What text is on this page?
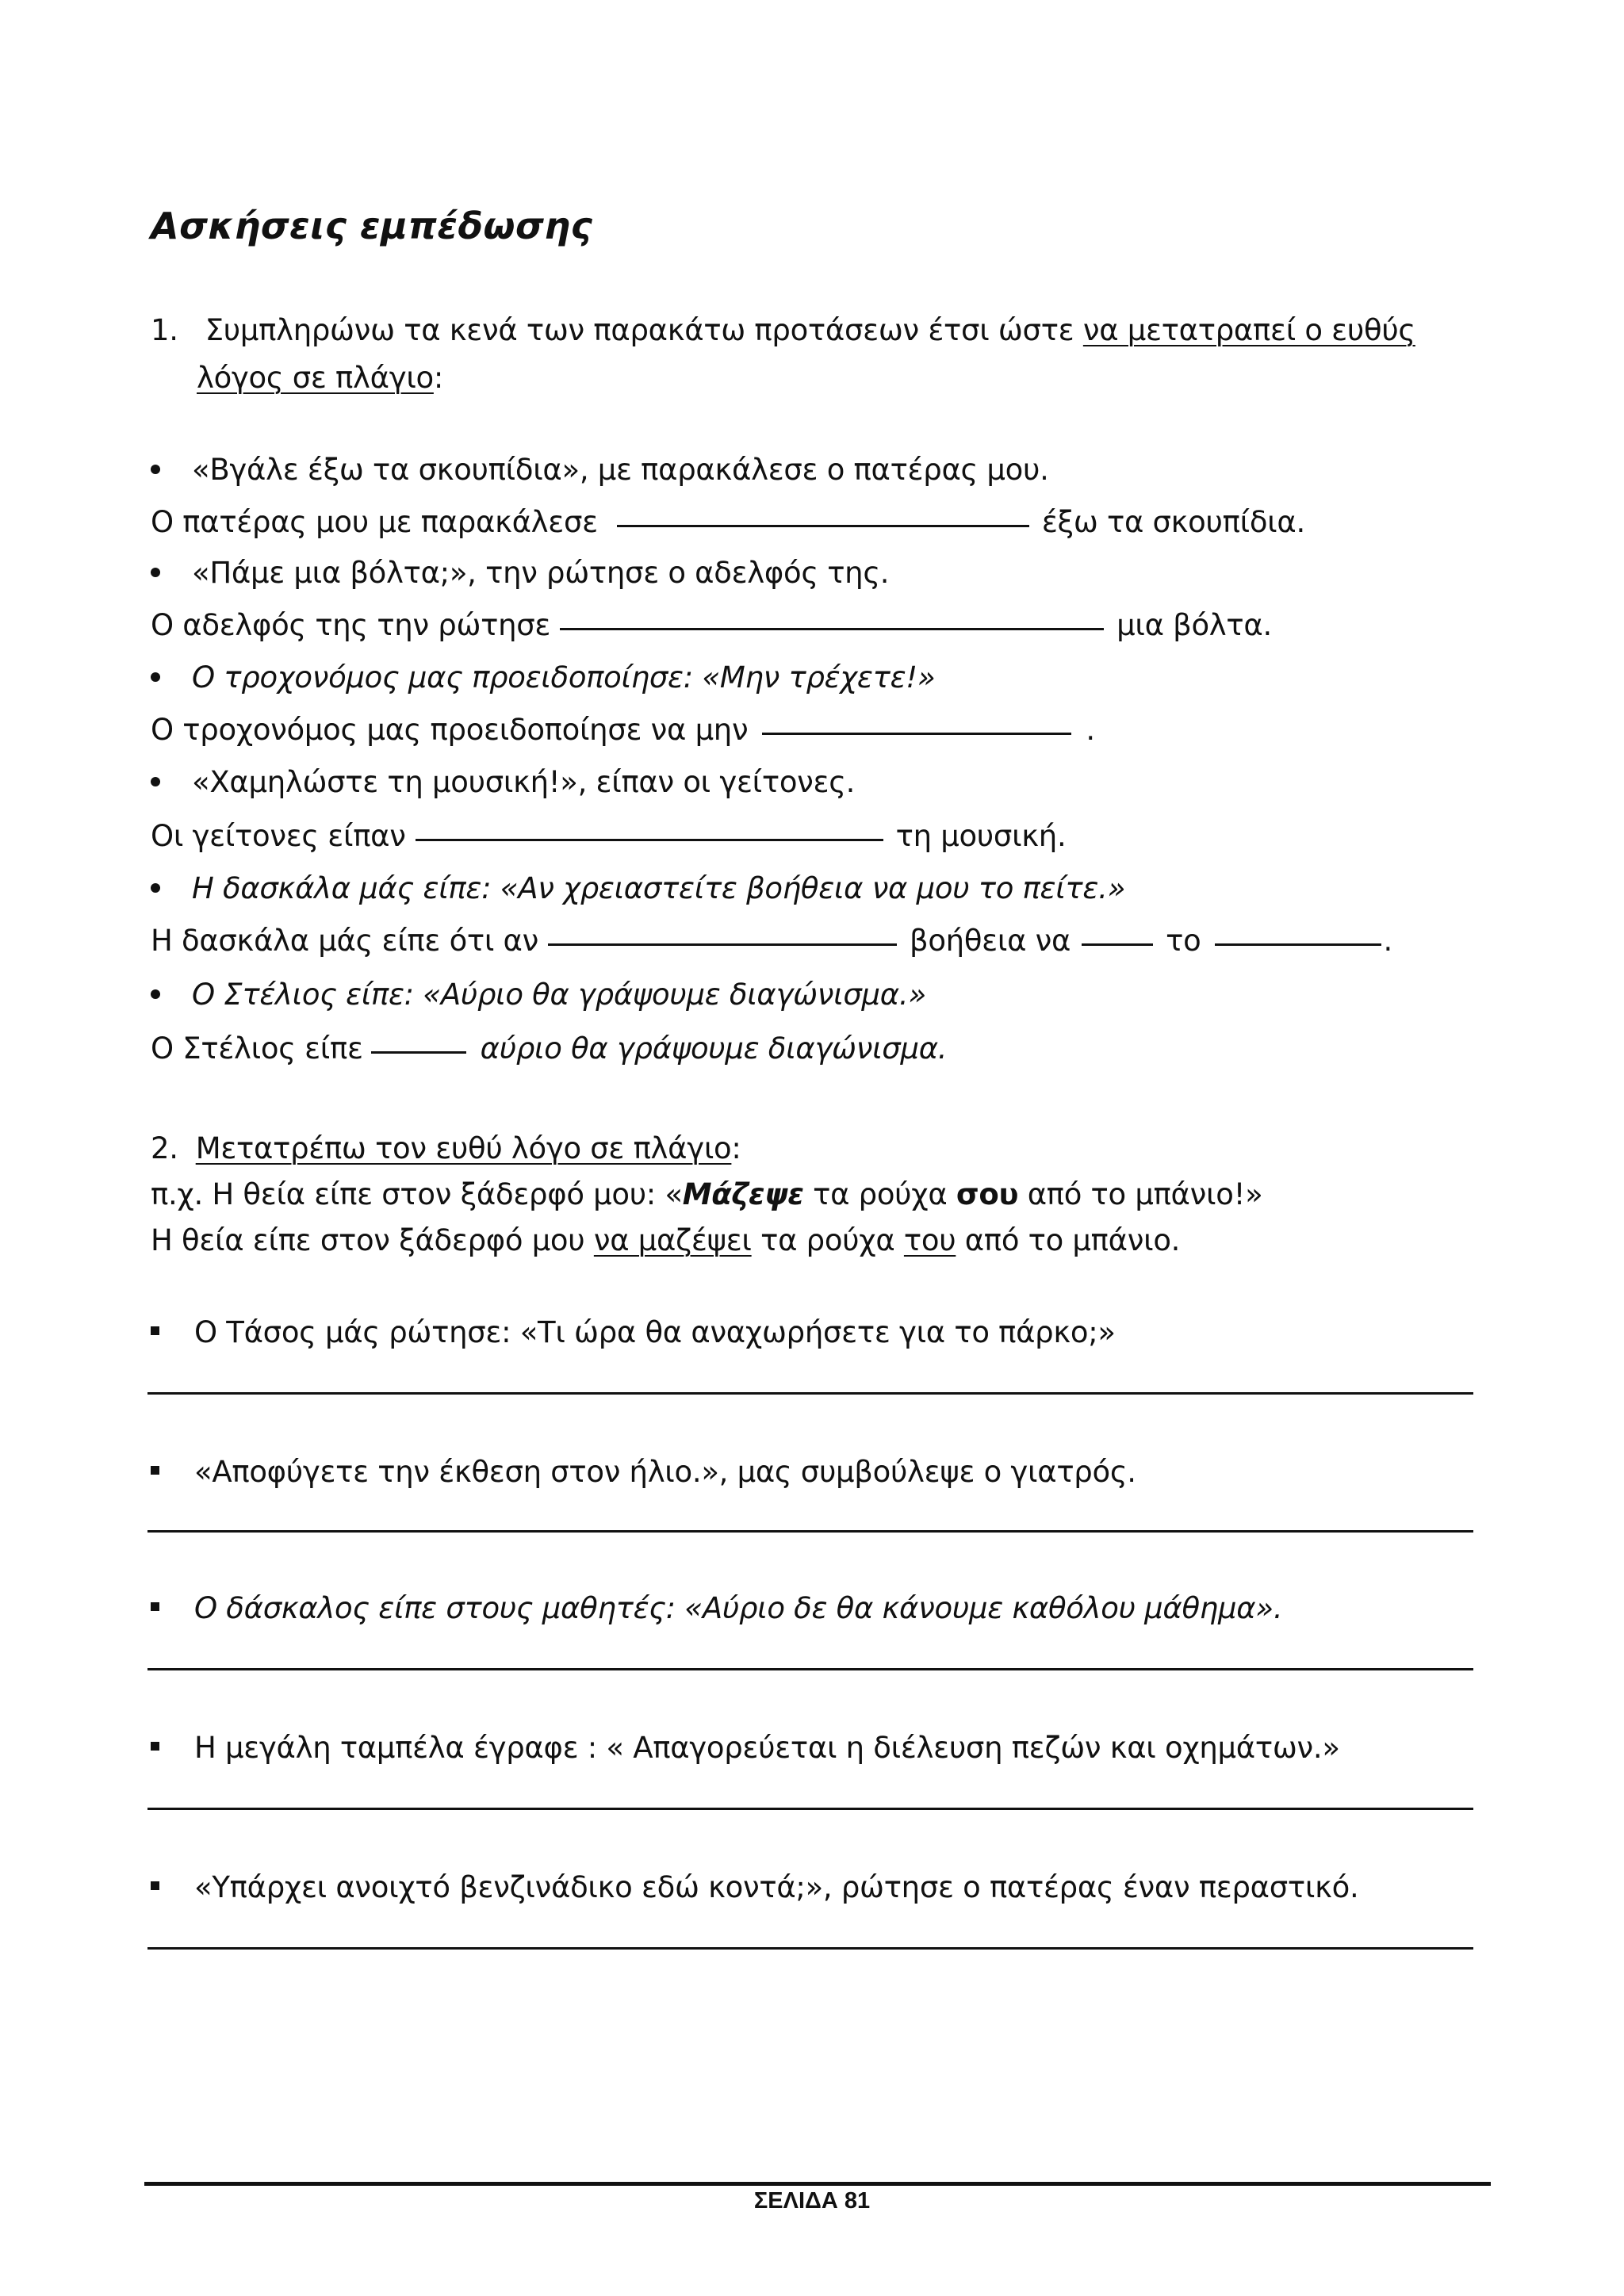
Ασκήσεις εμπέδωσης
1. Συμπληρώνω τα κενά των παρακάτω προτάσεων έτσι ώστε να μετατραπεί ο ευθύς
λόγος σε πλάγιο:
«Βγάλε έξω τα σκουπίδια», με παρακάλεσε ο πατέρας μου.
Ο πατέρας μου με παρακάλεσε	έξω τα σκουπίδια.
«Πάμε μια βόλτα;», την ρώτησε ο αδελφός της.
Ο αδελφός της την ρώτησε	μια βόλτα.
Ο τροχονόμος μας προειδοποίησε: «Μην τρέχετε!»
Ο τροχονόμος μας προειδοποίησε να μην	.
«Χαμηλώστε τη μουσική!», είπαν οι γείτονες.
Οι γείτονες είπαν	τη μουσική.
Η δασκάλα μάς είπε: «Αν χρειαστείτε βοήθεια να μου το πείτε.»
Η δασκάλα μάς είπε ότι αν	βοήθεια να	το	.
Ο Στέλιος είπε: «Αύριο θα γράψουμε διαγώνισμα.»
Ο Στέλιος είπε	αύριο θα γράψουμε διαγώνισμα.
2. Μετατρέπω τον ευθύ λόγο σε πλάγιο:
π.χ. Η θεία είπε στον ξάδερφό μου: «Μάζεψε τα ρούχα σου από το μπάνιο!»
Η θεία είπε στον ξάδερφό μου να μαζέψει τα ρούχα του από το μπάνιο.
Ο Τάσος μάς ρώτησε: «Τι ώρα θα αναχωρήσετε για το πάρκο;»
«Αποφύγετε την έκθεση στον ήλιο.», μας συμβούλεψε ο γιατρός.
Ο δάσκαλος είπε στους μαθητές: «Αύριο δε θα κάνουμε καθόλου μάθημα».
Η μεγάλη ταμπέλα έγραφε : « Απαγορεύεται η διέλευση πεζών και οχημάτων.»
«Υπάρχει ανοιχτό βενζινάδικο εδώ κοντά;», ρώτησε ο πατέρας έναν περαστικό.
ΣΕΛΙΔΑ 81
